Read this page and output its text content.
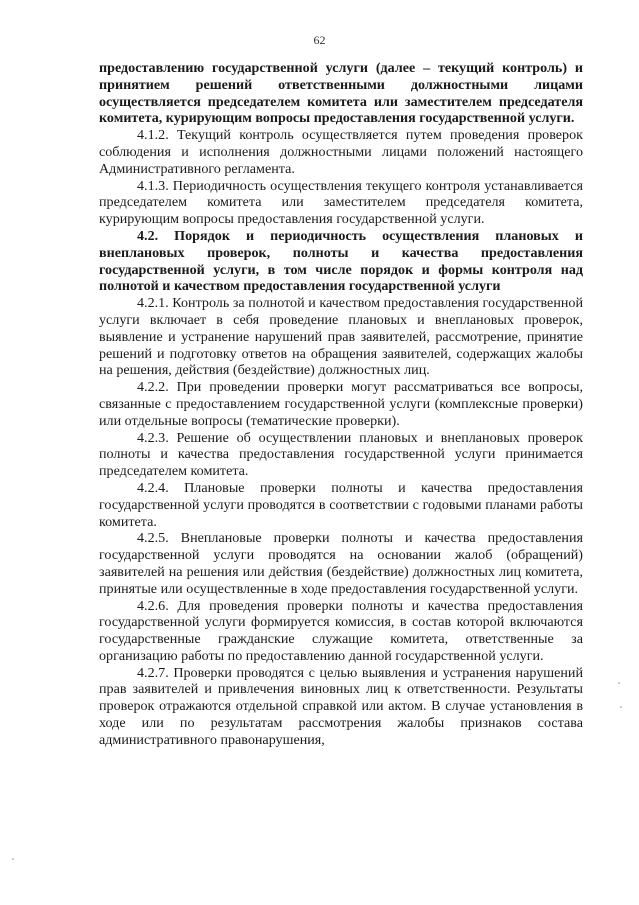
62

предоставлению государственной услуги (далее – текущий контроль) и принятием решений ответственными должностными лицами осуществляется председателем комитета или заместителем председателя комитета, курирующим вопросы предоставления государственной услуги.

4.1.2. Текущий контроль осуществляется путем проведения проверок соблюдения и исполнения должностными лицами положений настоящего Административного регламента.

4.1.3. Периодичность осуществления текущего контроля устанавливается председателем комитета или заместителем председателя комитета, курирующим вопросы предоставления государственной услуги.

4.2. Порядок и периодичность осуществления плановых и внеплановых проверок, полноты и качества предоставления государственной услуги, в том числе порядок и формы контроля над полнотой и качеством предоставления государственной услуги

4.2.1. Контроль за полнотой и качеством предоставления государственной услуги включает в себя проведение плановых и внеплановых проверок, выявление и устранение нарушений прав заявителей, рассмотрение, принятие решений и подготовку ответов на обращения заявителей, содержащих жалобы на решения, действия (бездействие) должностных лиц.

4.2.2. При проведении проверки могут рассматриваться все вопросы, связанные с предоставлением государственной услуги (комплексные проверки) или отдельные вопросы (тематические проверки).

4.2.3. Решение об осуществлении плановых и внеплановых проверок полноты и качества предоставления государственной услуги принимается председателем комитета.

4.2.4. Плановые проверки полноты и качества предоставления государственной услуги проводятся в соответствии с годовыми планами работы комитета.

4.2.5. Внеплановые проверки полноты и качества предоставления государственной услуги проводятся на основании жалоб (обращений) заявителей на решения или действия (бездействие) должностных лиц комитета, принятые или осуществленные в ходе предоставления государственной услуги.

4.2.6. Для проведения проверки полноты и качества предоставления государственной услуги формируется комиссия, в состав которой включаются государственные гражданские служащие комитета, ответственные за организацию работы по предоставлению данной государственной услуги.

4.2.7. Проверки проводятся с целью выявления и устранения нарушений прав заявителей и привлечения виновных лиц к ответственности. Результаты проверок отражаются отдельной справкой или актом. В случае установления в ходе или по результатам рассмотрения жалобы признаков состава административного правонарушения,
